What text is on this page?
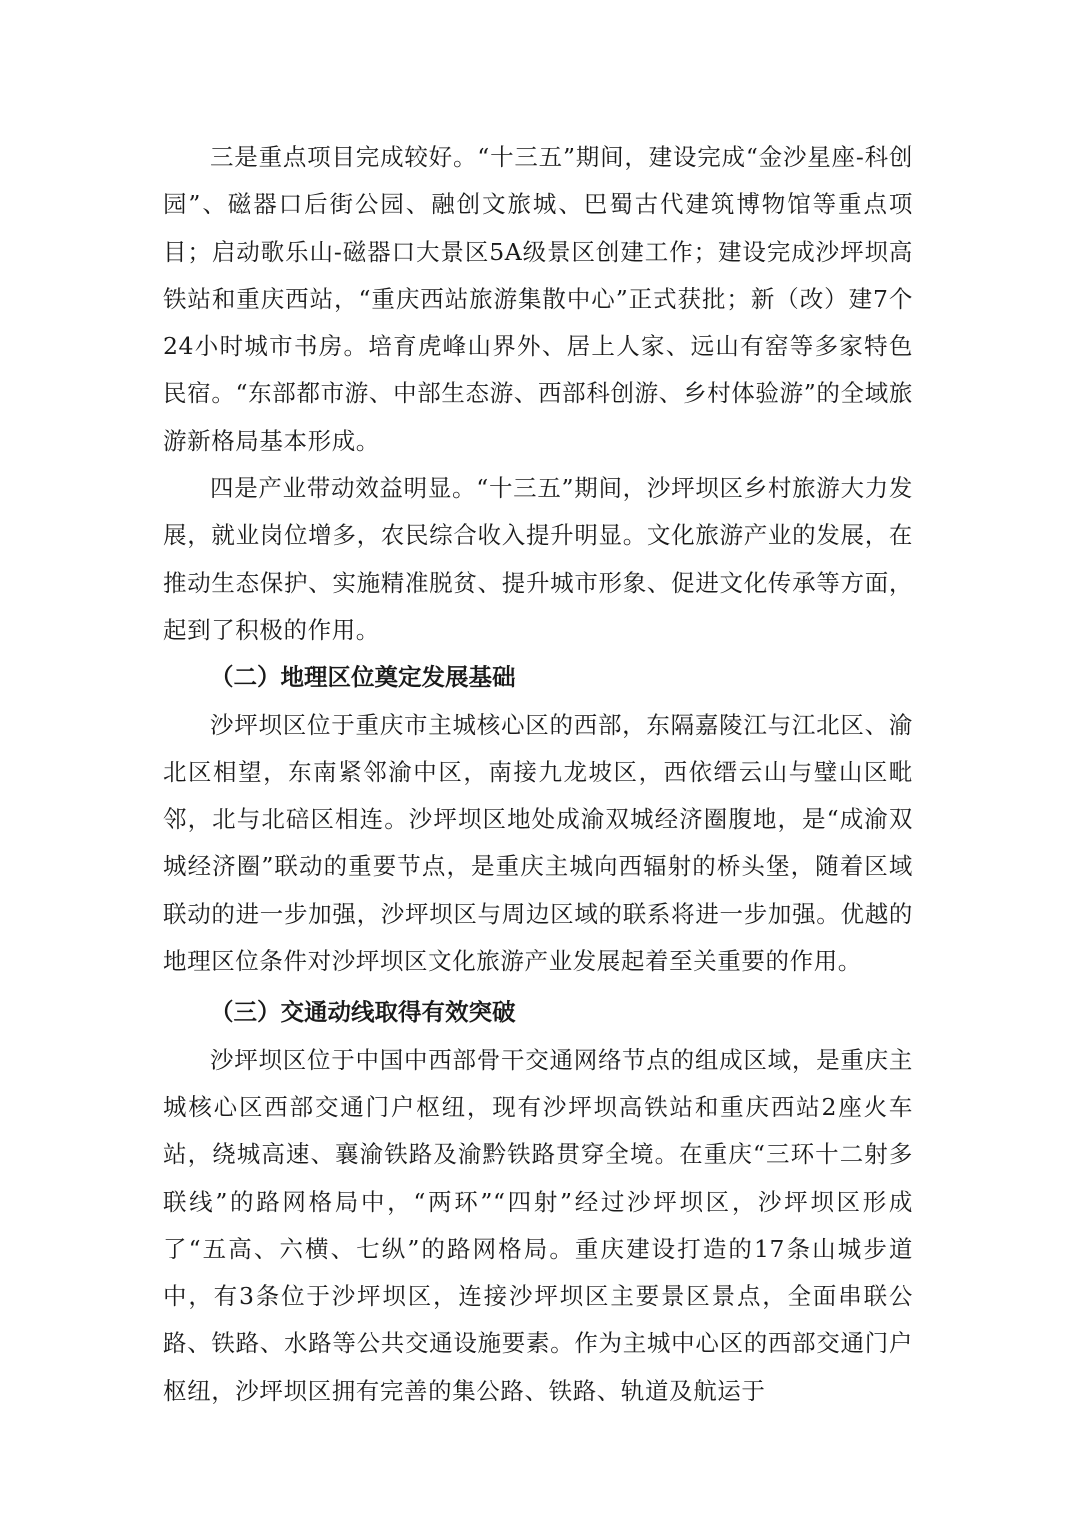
三是重点项目完成较好。“十三五”期间，建设完成“金沙星座-科创园”、磁器口后街公园、融创文旅城、巴蜀古代建筑博物馆等重点项目；启动歌乐山-磁器口大景区5A级景区创建工作；建设完成沙坪坝高铁站和重庆西站，“重庆西站旅游集散中心”正式获批；新（改）建7个24小时城市书房。培育虎峰山界外、居上人家、远山有窑等多家特色民宿。“东部都市游、中部生态游、西部科创游、乡村体验游”的全域旅游新格局基本形成。

四是产业带动效益明显。“十三五”期间，沙坪坝区乡村旅游大力发展，就业岗位增多，农民综合收入提升明显。文化旅游产业的发展，在推动生态保护、实施精准脱贫、提升城市形象、促进文化传承等方面，起到了积极的作用。

（二）地理区位奠定发展基础

沙坪坝区位于重庆市主城核心区的西部，东隔嘉陵江与江北区、渝北区相望，东南紧邻渝中区，南接九龙坡区，西依缙云山与璧山区毗邻，北与北碚区相连。沙坪坝区地处成渝双城经济圈腹地，是“成渝双城经济圈”联动的重要节点，是重庆主城向西辐射的桥头堡，随着区域联动的进一步加强，沙坪坝区与周边区域的联系将进一步加强。优越的地理区位条件对沙坪坝区文化旅游产业发展起着至关重要的作用。

（三）交通动线取得有效突破

沙坪坝区位于中国中西部骨干交通网络节点的组成区域，是重庆主城核心区西部交通门户枢纽，现有沙坪坝高铁站和重庆西站2座火车站，绕城高速、襄渝铁路及渝黔铁路贯穿全境。在重庆“三环十二射多联线”的路网格局中，“两环”“四射”经过沙坪坝区，沙坪坝区形成了“五高、六横、七纵”的路网格局。重庆建设打造的17条山城步道中，有3条位于沙坪坝区，连接沙坪坝区主要景区景点，全面串联公路、铁路、水路等公共交通设施要素。作为主城中心区的西部交通门户枢纽，沙坪坝区拥有完善的集公路、铁路、轨道及航运于
